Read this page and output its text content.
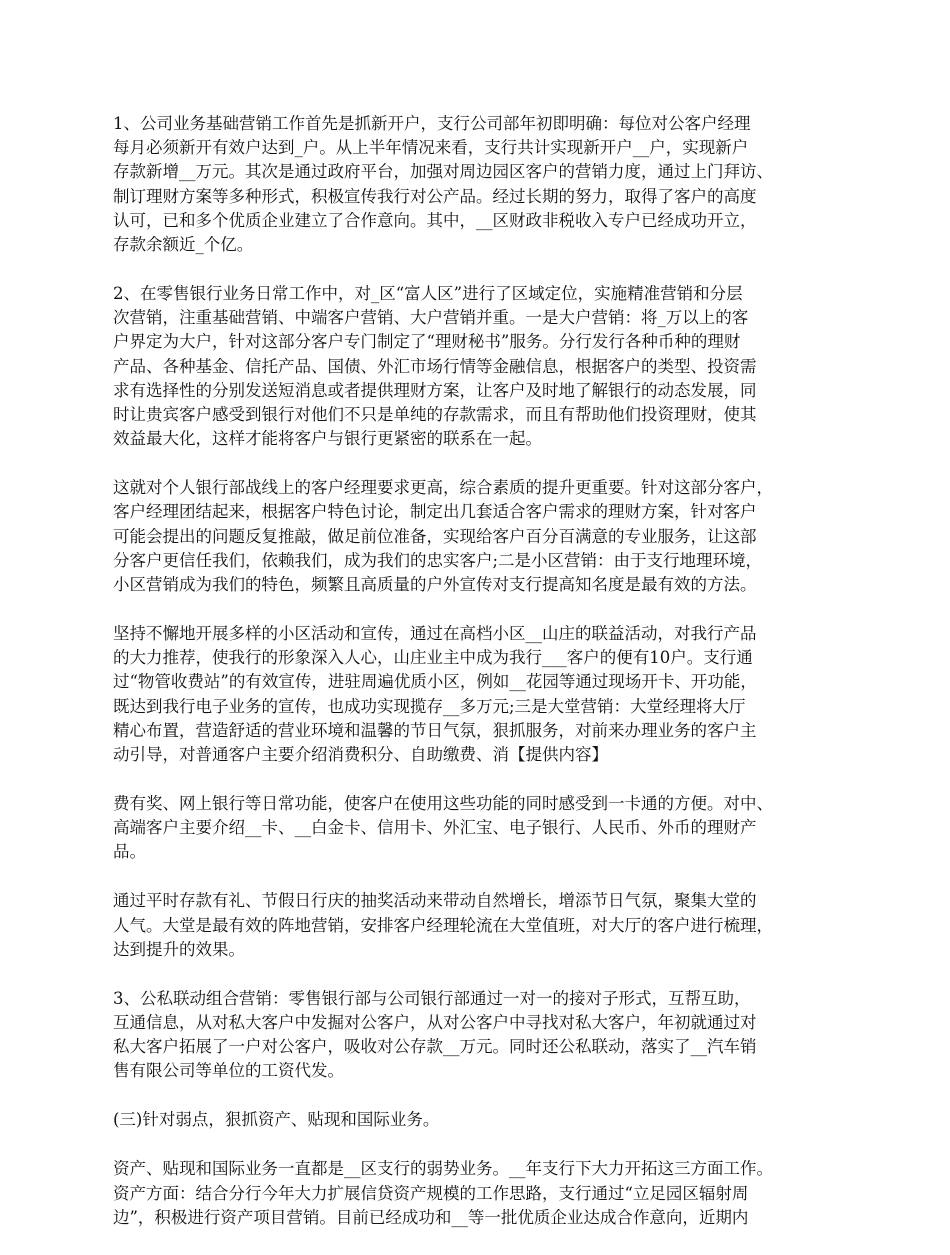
1、公司业务基础营销工作首先是抓新开户，支行公司部年初即明确：每位对公客户经理
每月必须新开有效户达到_户。从上半年情况来看，支行共计实现新开户__户，实现新户
存款新增__万元。其次是通过政府平台，加强对周边园区客户的营销力度，通过上门拜访、
制订理财方案等多种形式，积极宣传我行对公产品。经过长期的努力，取得了客户的高度
认可，已和多个优质企业建立了合作意向。其中，__区财政非税收入专户已经成功开立，
存款余额近_个亿。

2、在零售银行业务日常工作中，对_区“富人区”进行了区域定位，实施精准营销和分层
次营销，注重基础营销、中端客户营销、大户营销并重。一是大户营销：将_万以上的客
户界定为大户，针对这部分客户专门制定了“理财秘书”服务。分行发行各种币种的理财
产品、各种基金、信托产品、国债、外汇市场行情等金融信息，根据客户的类型、投资需
求有选择性的分别发送短消息或者提供理财方案，让客户及时地了解银行的动态发展，同
时让贵宾客户感受到银行对他们不只是单纯的存款需求，而且有帮助他们投资理财，使其
效益最大化，这样才能将客户与银行更紧密的联系在一起。

这就对个人银行部战线上的客户经理要求更高，综合素质的提升更重要。针对这部分客户，
客户经理团结起来，根据客户特色讨论，制定出几套适合客户需求的理财方案，针对客户
可能会提出的问题反复推敲，做足前位准备，实现给客户百分百满意的专业服务，让这部
分客户更信任我们，依赖我们，成为我们的忠实客户;二是小区营销：由于支行地理环境，
小区营销成为我们的特色，频繁且高质量的户外宣传对支行提高知名度是最有效的方法。

坚持不懈地开展多样的小区活动和宣传，通过在高档小区__山庄的联益活动，对我行产品
的大力推荐，使我行的形象深入人心，山庄业主中成为我行___客户的便有10户。支行通
过“物管收费站”的有效宣传，进驻周遍优质小区，例如__花园等通过现场开卡、开功能，
既达到我行电子业务的宣传，也成功实现揽存__多万元;三是大堂营销：大堂经理将大厅
精心布置，营造舒适的营业环境和温馨的节日气氛，狠抓服务，对前来办理业务的客户主
动引导，对普通客户主要介绍消费积分、自助缴费、消【提供内容】

费有奖、网上银行等日常功能，使客户在使用这些功能的同时感受到一卡通的方便。对中、
高端客户主要介绍__卡、__白金卡、信用卡、外汇宝、电子银行、人民币、外币的理财产
品。

通过平时存款有礼、节假日行庆的抽奖活动来带动自然增长，增添节日气氛，聚集大堂的
人气。大堂是最有效的阵地营销，安排客户经理轮流在大堂值班，对大厅的客户进行梳理，
达到提升的效果。

3、公私联动组合营销：零售银行部与公司银行部通过一对一的接对子形式，互帮互助，
互通信息，从对私大客户中发掘对公客户，从对公客户中寻找对私大客户，年初就通过对
私大客户拓展了一户对公客户，吸收对公存款__万元。同时还公私联动，落实了__汽车销
售有限公司等单位的工资代发。

(三)针对弱点，狠抓资产、贴现和国际业务。

资产、贴现和国际业务一直都是__区支行的弱势业务。__年支行下大力开拓这三方面工作。
资产方面：结合分行今年大力扩展信贷资产规模的工作思路，支行通过“立足园区辐射周
边”，积极进行资产项目营销。目前已经成功和__等一批优质企业达成合作意向，近期内
